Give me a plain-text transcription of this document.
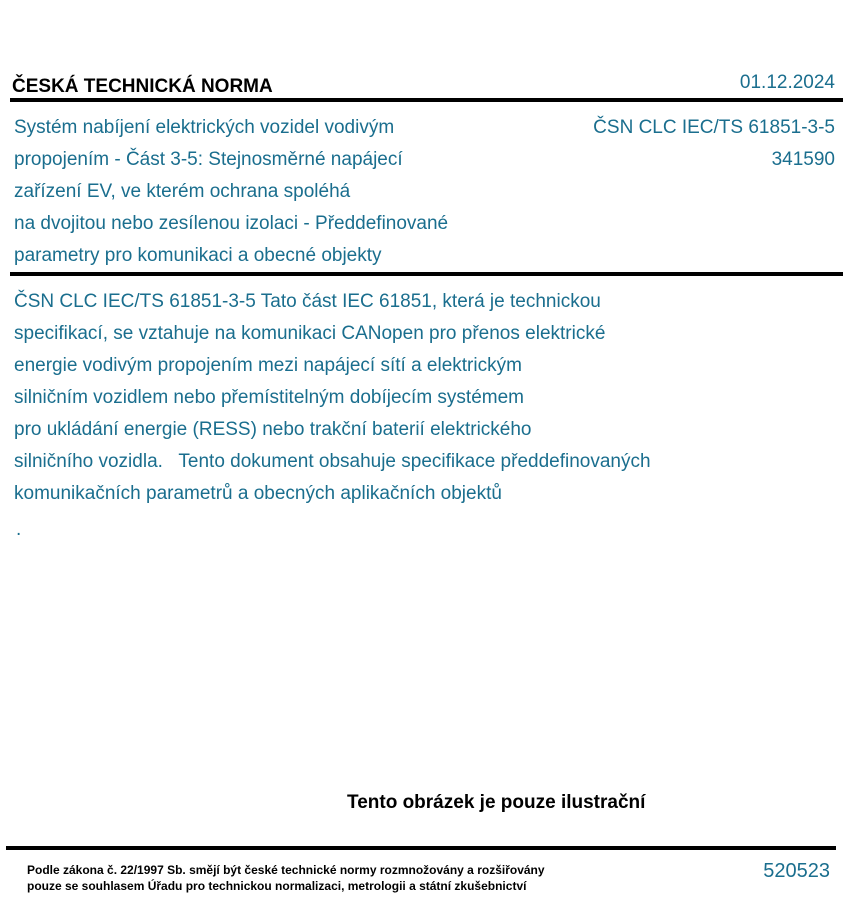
ČESKÁ TECHNICKÁ NORMA	01.12.2024
Systém nabíjení elektrických vozidel vodivým
propojením - Část 3-5: Stejnosměrné napájecí
zařízení EV, ve kterém ochrana spoléhá
na dvojitou nebo zesílenou izolaci - Předdefinované
parametry pro komunikaci a obecné objekty
ČSN CLC IEC/TS 61851-3-5
341590
ČSN CLC IEC/TS 61851-3-5 Tato část IEC 61851, která je technickou
specifikací, se vztahuje na komunikaci CANopen pro přenos elektrické
energie vodivým propojením mezi napájecí sítí a elektrickým
silničním vozidlem nebo přemístitelným dobíjecím systémem
pro ukládání energie (RESS) nebo trakční baterií elektrického
silničního vozidla.   Tento dokument obsahuje specifikace předdefinovaných
komunikačních parametrů a obecných aplikačních objektů
.
Tento obrázek je pouze ilustrační
Podle zákona č. 22/1997 Sb. smějí být české technické normy rozmnožovány a rozšiřovány
pouze se souhlasem Úřadu pro technickou normalizaci, metrologii a státní zkušebnictví
520523
